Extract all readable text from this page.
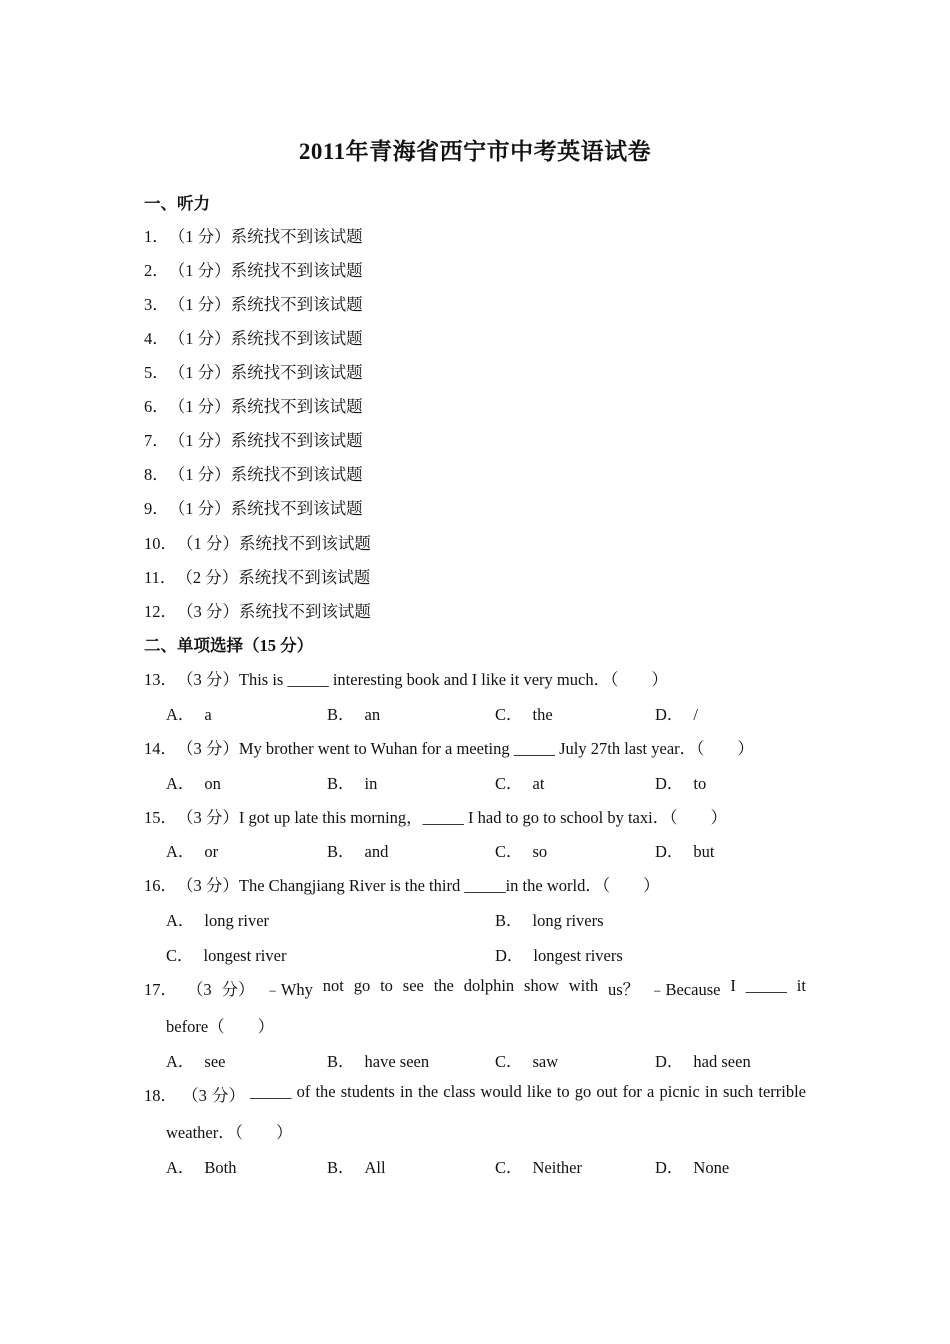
2011年青海省西宁市中考英语试卷
一、听力
1．（1 分）系统找不到该试题
2．（1 分）系统找不到该试题
3．（1 分）系统找不到该试题
4．（1 分）系统找不到该试题
5．（1 分）系统找不到该试题
6．（1 分）系统找不到该试题
7．（1 分）系统找不到该试题
8．（1 分）系统找不到该试题
9．（1 分）系统找不到该试题
10．（1 分）系统找不到该试题
11．（2 分）系统找不到该试题
12．（3 分）系统找不到该试题
二、单项选择（15 分）
13．（3 分）This is _____ interesting book and I like it very much．（　　）
A． a	B． an	C． the	D． /
14．（3 分）My brother went to Wuhan for a meeting _____ July 27th last year．（　　）
A． on	B． in	C． at	D． to
15．（3 分）I got up late this morning，_____ I had to go to school by taxi．（　　）
A． or	B． and	C． so	D． but
16．（3 分）The Changjiang River is the third _____in the world．（　　）
A． long river	B． long rivers
C． longest river	D． longest rivers
17． （3 分） ﹣Why not go to see the dolphin show with us？ ﹣Because I _____ it
before（　　）
A． see	B． have seen	C． saw	D． had seen
18． （3 分） _____ of the students in the class would like to go out for a picnic in such terrible
weather．（　　）
A． Both	B． All	C． Neither	D． None
